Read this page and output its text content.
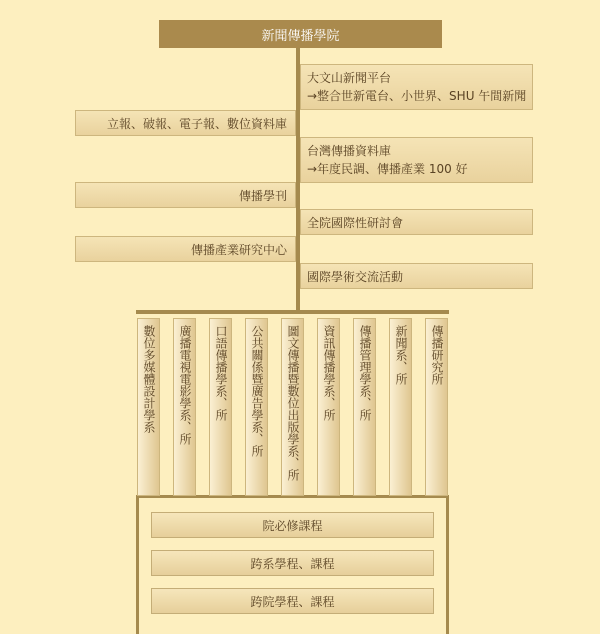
新聞傳播學院
大文山新聞平台
→整合世新電台、小世界、SHU 午間新聞
台灣傳播資料庫
→年度民調、傳播產業 100 好
全院國際性研討會
國際學術交流活動
立報、破報、電子報、數位資料庫
傳播學刊
傳播產業研究中心
數位多媒體設計學系	廣播電視電影學系、所	口語傳播學系、所	公共關係暨廣告學系、所	圖文傳播暨數位出版學系、所	資訊傳播學系、所	傳播管理學系、所	新聞系、所	傳播研究所
院必修課程
跨系學程、課程
跨院學程、課程
